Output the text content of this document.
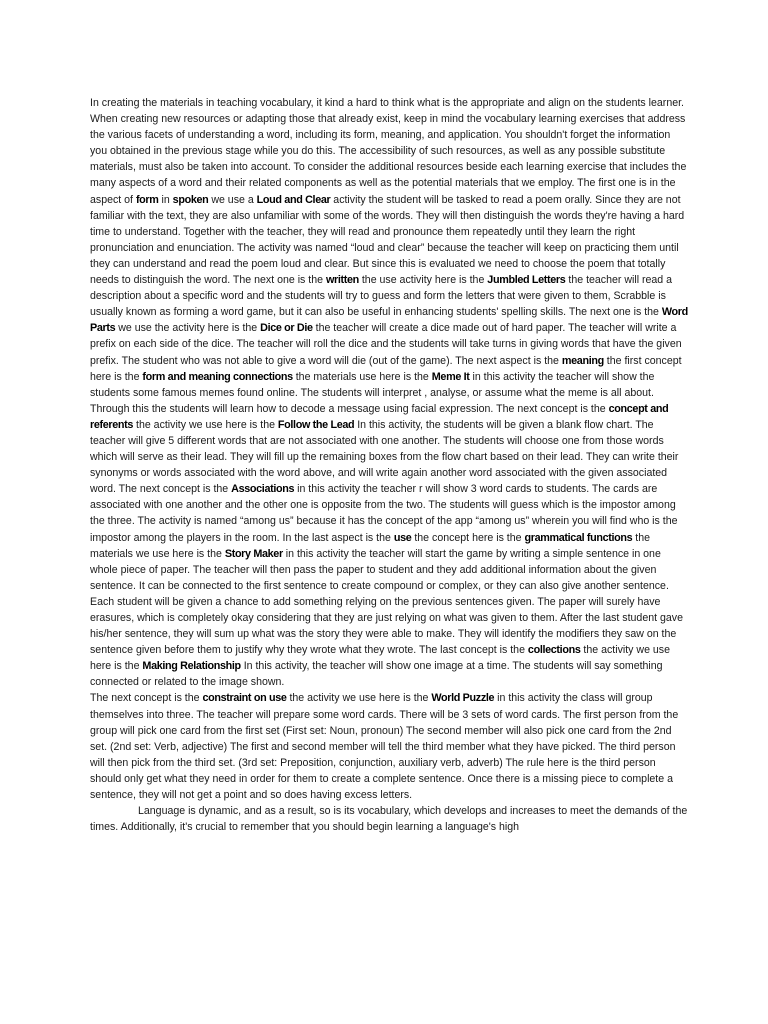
In creating the materials in teaching vocabulary, it kind a hard to think what is the appropriate and align on the students learner. When creating new resources or adapting those that already exist, keep in mind the vocabulary learning exercises that address the various facets of understanding a word, including its form, meaning, and application. You shouldn't forget the information you obtained in the previous stage while you do this. The accessibility of such resources, as well as any possible substitute materials, must also be taken into account. To consider the additional resources beside each learning exercise that includes the many aspects of a word and their related components as well as the potential materials that we employ. The first one is in the aspect of form in spoken we use a Loud and Clear activity the student will be tasked to read a poem orally. Since they are not familiar with the text, they are also unfamiliar with some of the words. They will then distinguish the words they're having a hard time to understand. Together with the teacher, they will read and pronounce them repeatedly until they learn the right pronunciation and enunciation. The activity was named “loud and clear” because the teacher will keep on practicing them until they can understand and read the poem loud and clear. But since this is evaluated we need to choose the poem that totally needs to distinguish the word. The next one is the written the use activity here is the Jumbled Letters the teacher will read a description about a specific word and the students will try to guess and form the letters that were given to them, Scrabble is usually known as forming a word game, but it can also be useful in enhancing students' spelling skills. The next one is the Word Parts we use the activity here is the Dice or Die the teacher will create a dice made out of hard paper. The teacher will write a prefix on each side of the dice. The teacher will roll the dice and the students will take turns in giving words that have the given prefix. The student who was not able to give a word will die (out of the game). The next aspect is the meaning the first concept here is the form and meaning connections the materials use here is the Meme It in this activity the teacher will show the students some famous memes found online. The students will interpret , analyse, or assume what the meme is all about. Through this the students will learn how to decode a message using facial expression. The next concept is the concept and referents the activity we use here is the Follow the Lead In this activity, the students will be given a blank flow chart. The teacher will give 5 different words that are not associated with one another. The students will choose one from those words which will serve as their lead. They will fill up the remaining boxes from the flow chart based on their lead. They can write their synonyms or words associated with the word above, and will write again another word associated with the given associated word. The next concept is the Associations in this activity the teacher r will show 3 word cards to students. The cards are associated with one another and the other one is opposite from the two. The students will guess which is the impostor among the three. The activity is named “among us” because it has the concept of the app “among us” wherein you will find who is the impostor among the players in the room. In the last aspect is the use the concept here is the grammatical functions the materials we use here is the Story Maker in this activity the teacher will start the game by writing a simple sentence in one whole piece of paper. The teacher will then pass the paper to student and they add additional information about the given sentence. It can be connected to the first sentence to create compound or complex, or they can also give another sentence. Each student will be given a chance to add something relying on the previous sentences given. The paper will surely have erasures, which is completely okay considering that they are just relying on what was given to them. After the last student gave his/her sentence, they will sum up what was the story they were able to make. They will identify the modifiers they saw on the sentence given before them to justify why they wrote what they wrote. The last concept is the collections the activity we use here is the Making Relationship In this activity, the teacher will show one image at a time. The students will say something connected or related to the image shown.

The next concept is the constraint on use the activity we use here is the World Puzzle in this activity the class will group themselves into three. The teacher will prepare some word cards. There will be 3 sets of word cards. The first person from the group will pick one card from the first set (First set: Noun, pronoun) The second member will also pick one card from the 2nd set. (2nd set: Verb, adjective) The first and second member will tell the third member what they have picked. The third person will then pick from the third set. (3rd set: Preposition, conjunction, auxiliary verb, adverb) The rule here is the third person should only get what they need in order for them to create a complete sentence. Once there is a missing piece to complete a sentence, they will not get a point and so does having excess letters.

Language is dynamic, and as a result, so is its vocabulary, which develops and increases to meet the demands of the times. Additionally, it's crucial to remember that you should begin learning a language's high
